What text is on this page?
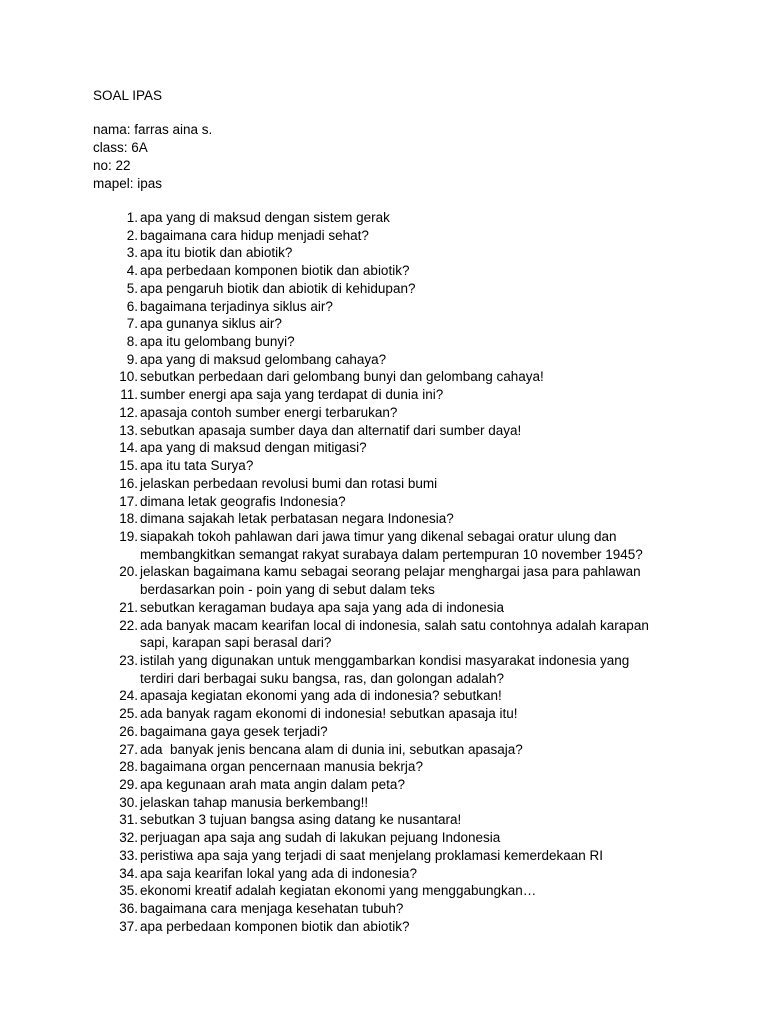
SOAL IPAS
nama: farras aina s.
class: 6A
no: 22
mapel: ipas
1. apa yang di maksud dengan sistem gerak
2. bagaimana cara hidup menjadi sehat?
3. apa itu biotik dan abiotik?
4. apa perbedaan komponen biotik dan abiotik?
5. apa pengaruh biotik dan abiotik di kehidupan?
6. bagaimana terjadinya siklus air?
7. apa gunanya siklus air?
8. apa itu gelombang bunyi?
9. apa yang di maksud gelombang cahaya?
10. sebutkan perbedaan dari gelombang bunyi dan gelombang cahaya!
11. sumber energi apa saja yang terdapat di dunia ini?
12. apasaja contoh sumber energi terbarukan?
13. sebutkan apasaja sumber daya dan alternatif dari sumber daya!
14. apa yang di maksud dengan mitigasi?
15. apa itu tata Surya?
16. jelaskan perbedaan revolusi bumi dan rotasi bumi
17. dimana letak geografis Indonesia?
18. dimana sajakah letak perbatasan negara Indonesia?
19. siapakah tokoh pahlawan dari jawa timur yang dikenal sebagai oratur ulung dan
membangkitkan semangat rakyat surabaya dalam pertempuran 10 november 1945?
20. jelaskan bagaimana kamu sebagai seorang pelajar menghargai jasa para pahlawan
berdasarkan poin - poin yang di sebut dalam teks
21. sebutkan keragaman budaya apa saja yang ada di indonesia
22. ada banyak macam kearifan local di indonesia, salah satu contohnya adalah karapan
sapi, karapan sapi berasal dari?
23. istilah yang digunakan untuk menggambarkan kondisi masyarakat indonesia yang
terdiri dari berbagai suku bangsa, ras, dan golongan adalah?
24. apasaja kegiatan ekonomi yang ada di indonesia? sebutkan!
25. ada banyak ragam ekonomi di indonesia! sebutkan apasaja itu!
26. bagaimana gaya gesek terjadi?
27. ada  banyak jenis bencana alam di dunia ini, sebutkan apasaja?
28. bagaimana organ pencernaan manusia bekrja?
29. apa kegunaan arah mata angin dalam peta?
30. jelaskan tahap manusia berkembang!!
31. sebutkan 3 tujuan bangsa asing datang ke nusantara!
32. perjuagan apa saja ang sudah di lakukan pejuang Indonesia
33. peristiwa apa saja yang terjadi di saat menjelang proklamasi kemerdekaan RI
34. apa saja kearifan lokal yang ada di indonesia?
35. ekonomi kreatif adalah kegiatan ekonomi yang menggabungkan…
36. bagaimana cara menjaga kesehatan tubuh?
37. apa perbedaan komponen biotik dan abiotik?
